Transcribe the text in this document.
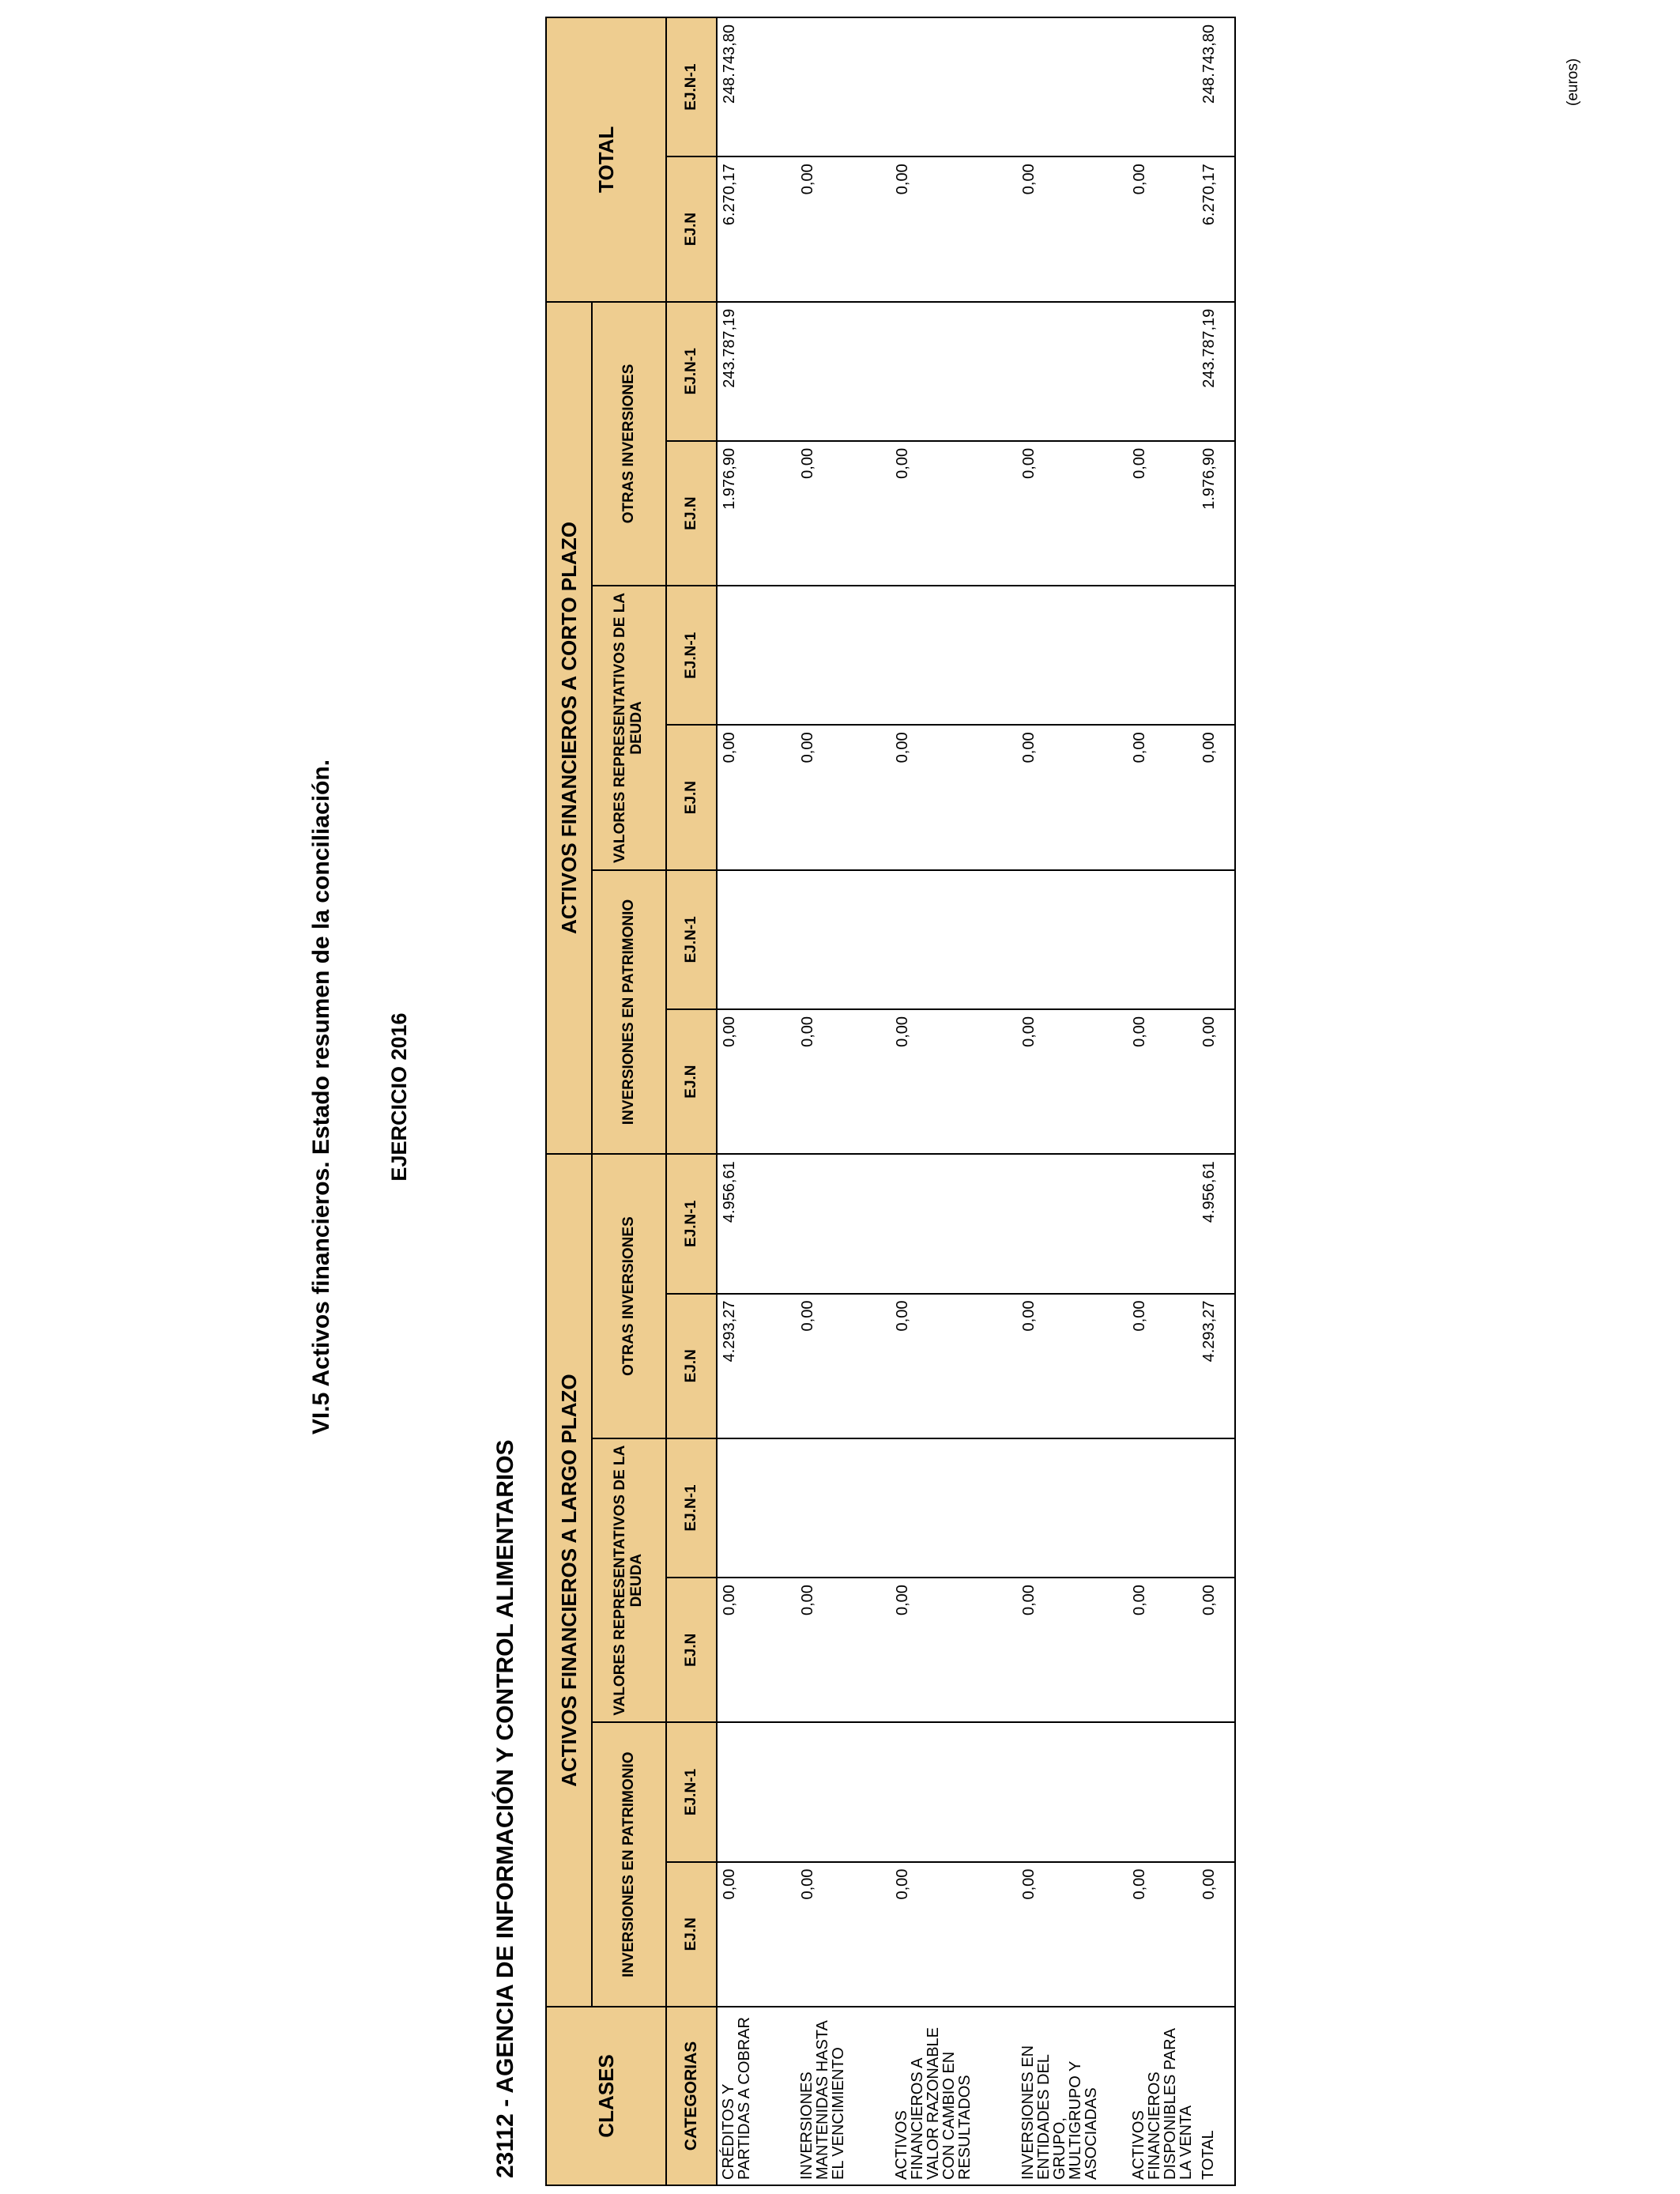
VI.5 Activos financieros. Estado resumen de la conciliación. EJERCICIO 2016
23112 - AGENCIA DE INFORMACIÓN Y CONTROL ALIMENTARIOS
(euros)
CLASES	ACTIVOS FINANCIEROS A LARGO PLAZO						ACTIVOS FINANCIEROS A CORTO PLAZO						TOTAL	
	INVERSIONES EN PATRIMONIO		VALORES REPRESENTATIVOS DE LA DEUDA		OTRAS INVERSIONES		INVERSIONES EN PATRIMONIO		VALORES REPRESENTATIVOS DE LA DEUDA		OTRAS INVERSIONES			
CATEGORIAS	EJ.N	EJ.N-1	EJ.N	EJ.N-1	EJ.N	EJ.N-1	EJ.N	EJ.N-1	EJ.N	EJ.N-1	EJ.N	EJ.N-1	EJ.N	EJ.N-1
CRÉDITOS Y PARTIDAS A COBRAR	0,00		0,00		4.293,27	4.956,61	0,00		0,00		1.976,90	243.787,19	6.270,17	248.743,80
INVERSIONES MANTENIDAS HASTA EL VENCIMIENTO	0,00		0,00		0,00		0,00		0,00		0,00		0,00	
ACTIVOS FINANCIEROS A VALOR RAZONABLE CON CAMBIO EN RESULTADOS	0,00		0,00		0,00		0,00		0,00		0,00		0,00	
INVERSIONES EN ENTIDADES DEL GRUPO, MULTIGRUPO Y ASOCIADAS	0,00		0,00		0,00		0,00		0,00		0,00		0,00	
ACTIVOS FINANCIEROS DISPONIBLES PARA LA VENTA	0,00		0,00		0,00		0,00		0,00		0,00		0,00	
TOTAL	0,00		0,00		4.293,27	4.956,61	0,00		0,00		1.976,90	243.787,19	6.270,17	248.743,80
